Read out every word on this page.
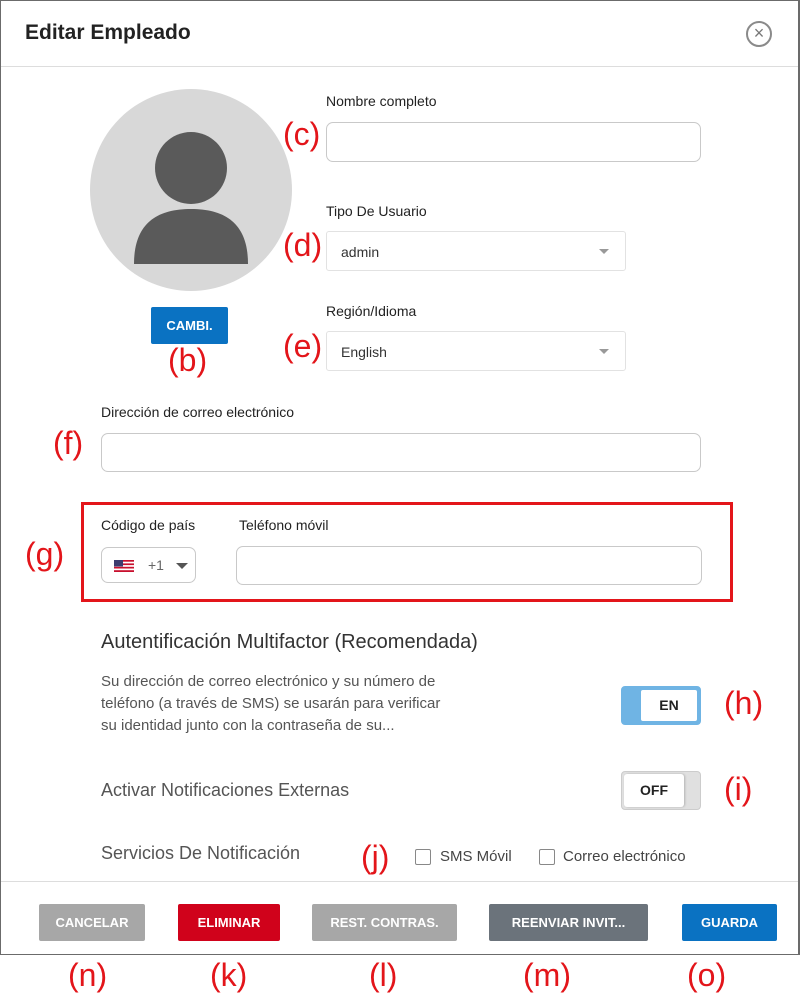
Editar Empleado	×
CAMBI.
(b)
Nombre completo
(c)
Tipo De Usuario
(d) admin
Región/Idioma
(e) English
Dirección de correo electrónico
(f)
(g)
Código de país	Teléfono móvil
+1
Autentificación Multifactor (Recomendada)
Su dirección de correo electrónico y su número de
teléfono (a través de SMS) se usarán para verificar
su identidad junto con la contraseña de su...
EN	(h)
Activar Notificaciones Externas	OFF	(i)
Servicios De Notificación (j)	SMS Móvil	Correo electrónico
CANCELAR	ELIMINAR	REST. CONTRAS.	REENVIAR INVIT...	GUARDA
(n)	(k)	(l)	(m)	(o)
